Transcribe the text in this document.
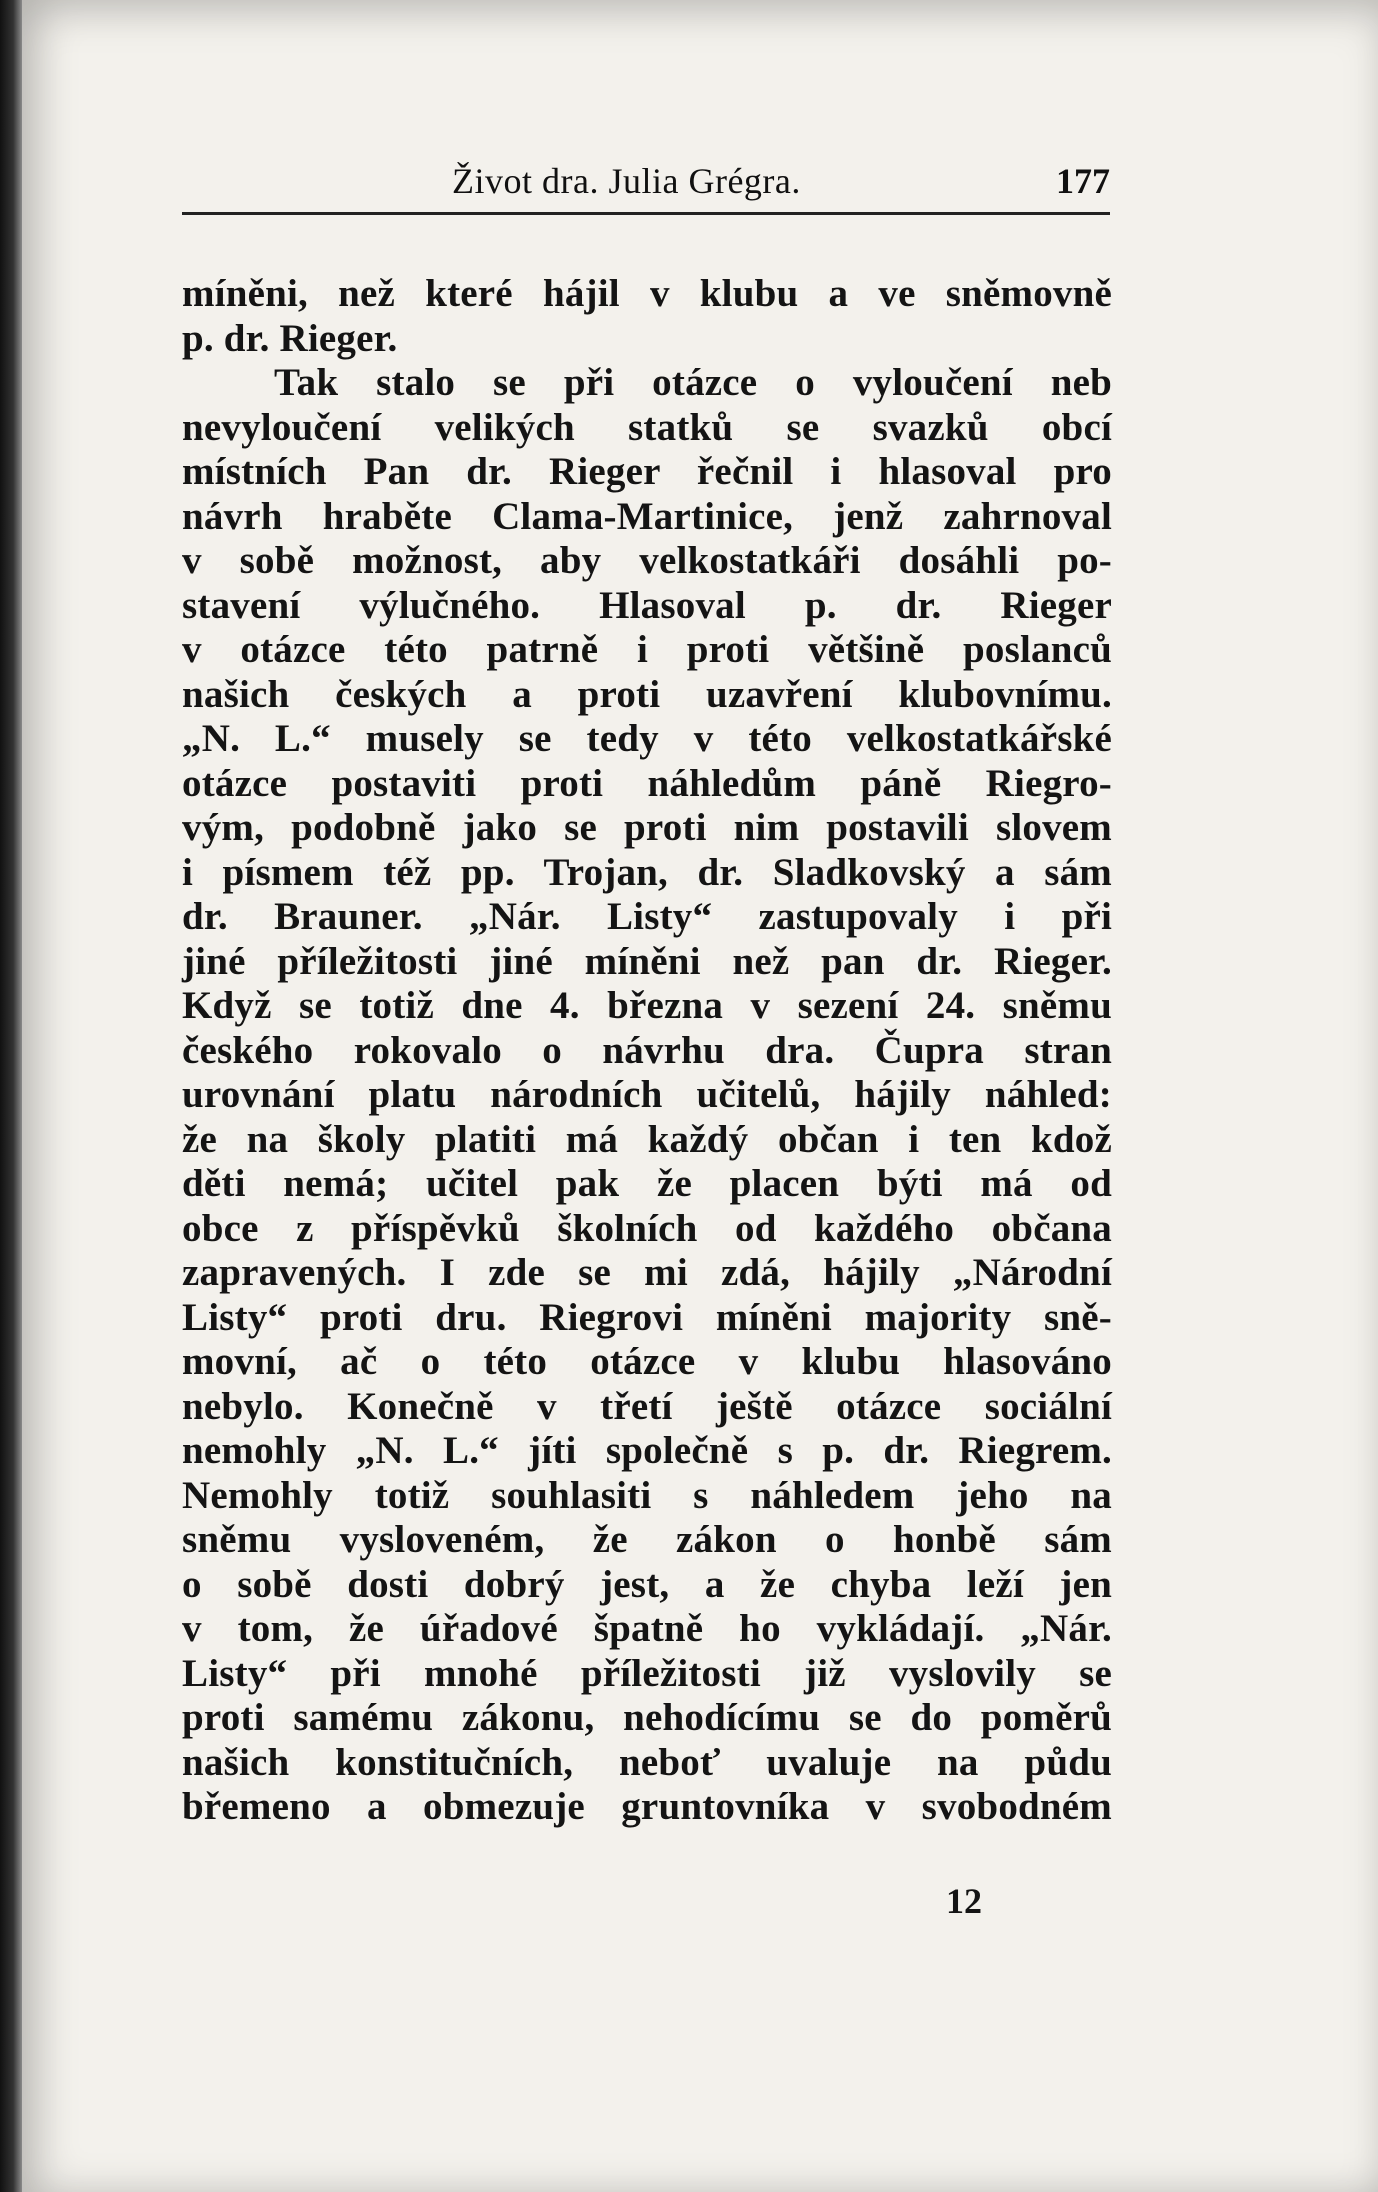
Život dra. Julia Grégra.	177
míněni, než které hájil v klubu a ve sněmovně
p. dr. Rieger.
Tak stalo se při otázce o vyloučení neb
nevyloučení velikých statků se svazků obcí
místních Pan dr. Rieger řečnil i hlasoval pro
návrh hraběte Clama-Martinice, jenž zahrnoval
v sobě možnost, aby velkostatkáři dosáhli po-
stavení výlučného. Hlasoval p. dr. Rieger
v otázce této patrně i proti většině poslanců
našich českých a proti uzavření klubovnímu.
„N. L.“ musely se tedy v této velkostatkářské
otázce postaviti proti náhledům páně Riegro-
vým, podobně jako se proti nim postavili slovem
i písmem též pp. Trojan, dr. Sladkovský a sám
dr. Brauner. „Nár. Listy“ zastupovaly i při
jiné příležitosti jiné míněni než pan dr. Rieger.
Když se totiž dne 4. března v sezení 24. sněmu
českého rokovalo o návrhu dra. Čupra stran
urovnání platu národních učitelů, hájily náhled:
že na školy platiti má každý občan i ten kdož
děti nemá; učitel pak že placen býti má od
obce z příspěvků školních od každého občana
zapravených. I zde se mi zdá, hájily „Národní
Listy“ proti dru. Riegrovi míněni majority sně-
movní, ač o této otázce v klubu hlasováno
nebylo. Konečně v třetí ještě otázce sociální
nemohly „N. L.“ jíti společně s p. dr. Riegrem.
Nemohly totiž souhlasiti s náhledem jeho na
sněmu vysloveném, že zákon o honbě sám
o sobě dosti dobrý jest, a že chyba leží jen
v tom, že úřadové špatně ho vykládají. „Nár.
Listy“ při mnohé příležitosti již vyslovily se
proti samému zákonu, nehodícímu se do poměrů
našich konstitučních, neboť uvaluje na půdu
břemeno a obmezuje gruntovníka v svobodném
12
